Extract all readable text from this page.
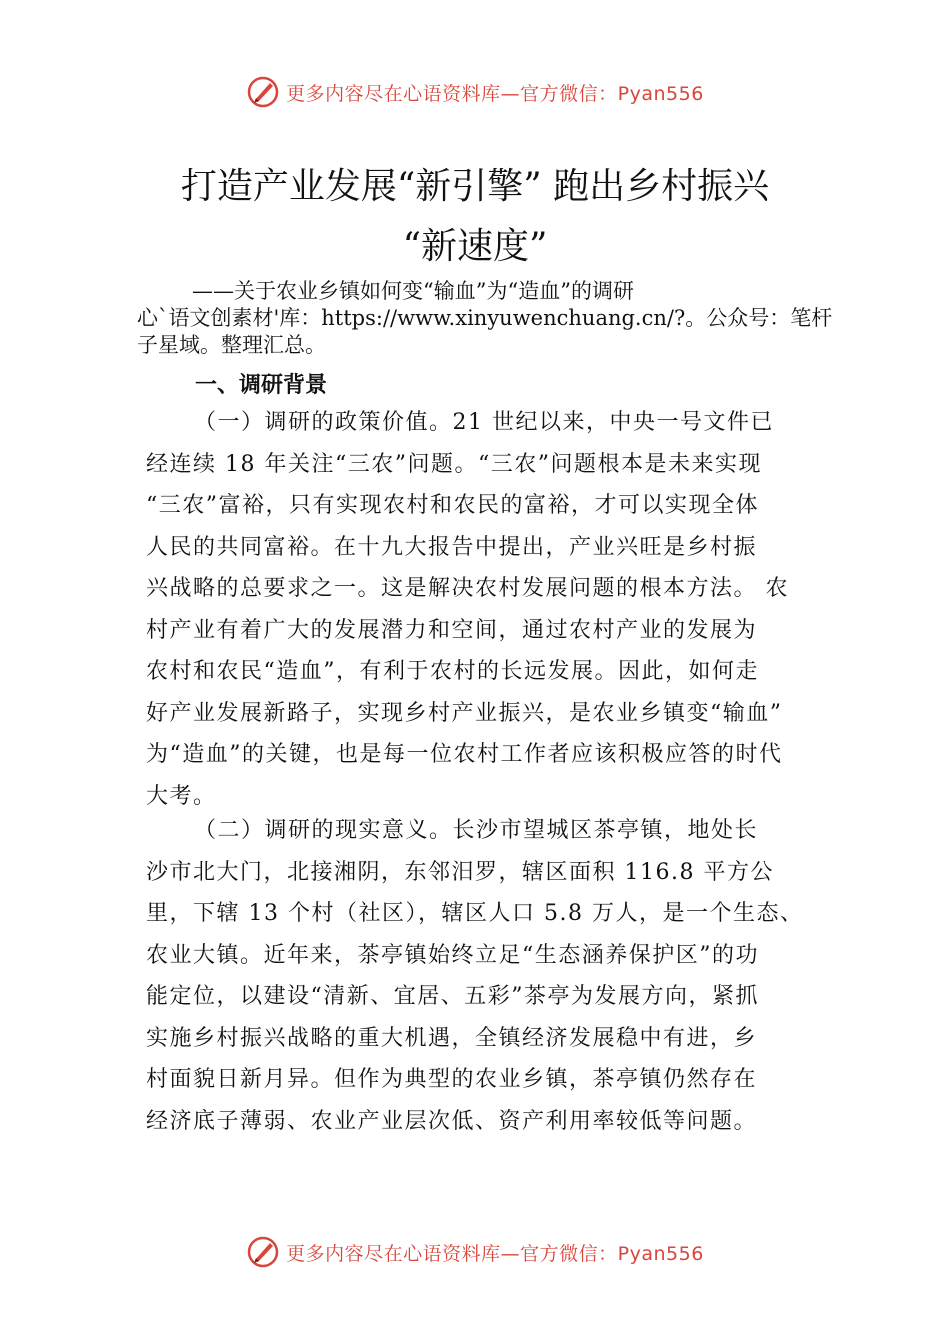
更多内容尽在心语资料库—官方微信：Pyan556
打造产业发展“新引擎” 跑出乡村振兴
“新速度”
——关于农业乡镇如何变“输血”为“造血”的调研
心`语文创素材'库：https://www.xinyuwenchuang.cn/?。公众号：笔杆子星域。整理汇总。
一、调研背景
（一）调研的政策价值。21 世纪以来，中央一号文件已
经连续 18 年关注“三农”问题。“三农”问题根本是未来实现
“三农”富裕，只有实现农村和农民的富裕，才可以实现全体
人民的共同富裕。在十九大报告中提出，产业兴旺是乡村振
兴战略的总要求之一。这是解决农村发展问题的根本方法。 农
村产业有着广大的发展潜力和空间，通过农村产业的发展为
农村和农民“造血”，有利于农村的长远发展。因此，如何走
好产业发展新路子，实现乡村产业振兴，是农业乡镇变“输血”
为“造血”的关键，也是每一位农村工作者应该积极应答的时代
大考。
（二）调研的现实意义。长沙市望城区茶亭镇，地处长
沙市北大门，北接湘阴，东邻汨罗，辖区面积 116.8 平方公
里，下辖 13 个村（社区），辖区人口 5.8 万人，是一个生态、
农业大镇。近年来，茶亭镇始终立足“生态涵养保护区”的功
能定位，以建设“清新、宜居、五彩”茶亭为发展方向，紧抓
实施乡村振兴战略的重大机遇，全镇经济发展稳中有进，乡
村面貌日新月异。但作为典型的农业乡镇，茶亭镇仍然存在
经济底子薄弱、农业产业层次低、资产利用率较低等问题。
更多内容尽在心语资料库—官方微信：Pyan556
